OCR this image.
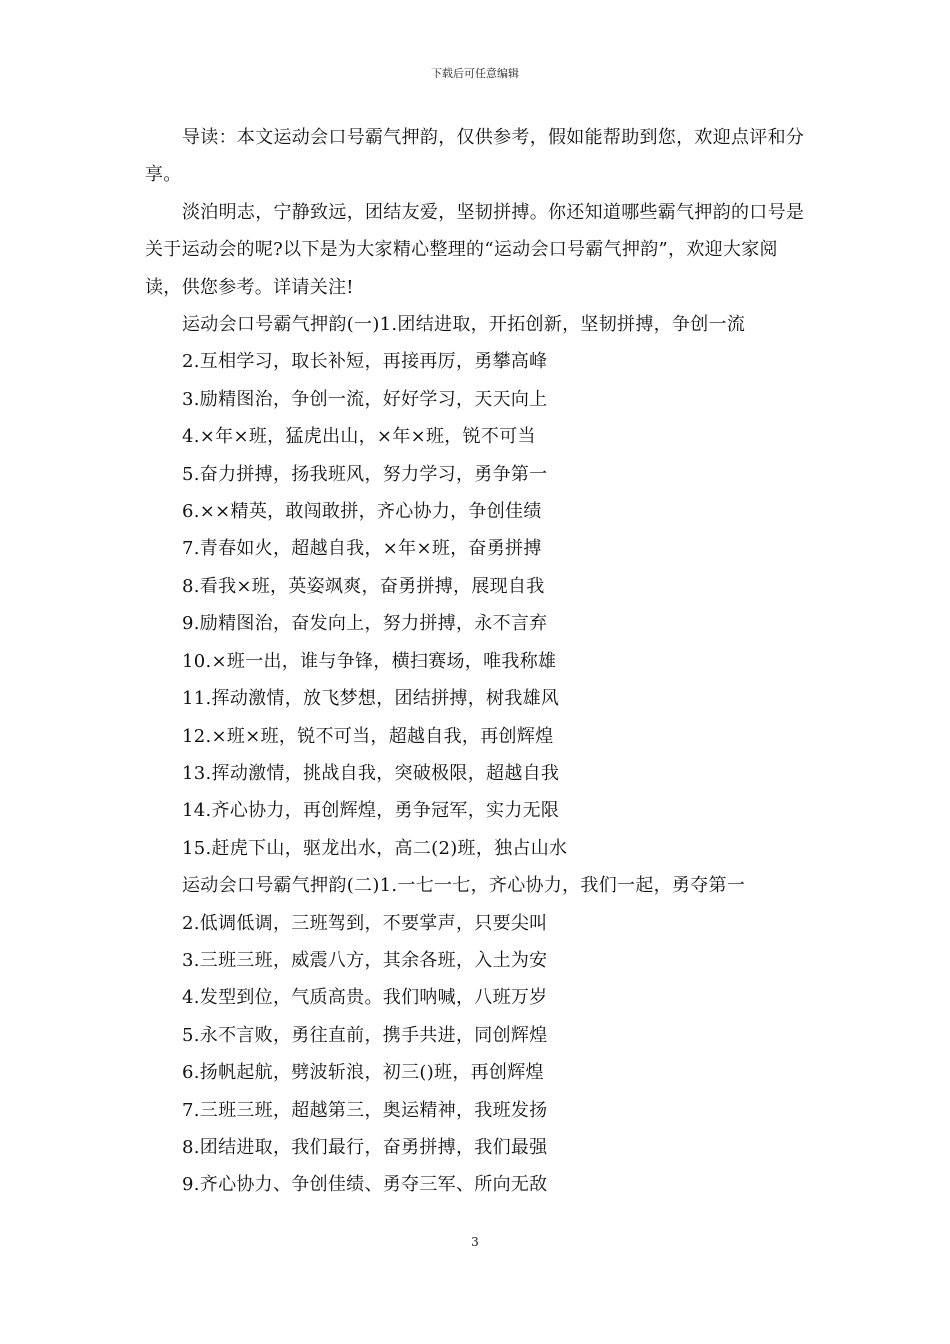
下载后可任意编辑

导读：本文运动会口号霸气押韵，仅供参考，假如能帮助到您，欢迎点评和分享。

淡泊明志，宁静致远，团结友爱，坚韧拼搏。你还知道哪些霸气押韵的口号是关于运动会的呢?以下是为大家精心整理的“运动会口号霸气押韵”，欢迎大家阅读，供您参考。详请关注!

运动会口号霸气押韵(一)1.团结进取，开拓创新，坚韧拼搏，争创一流
2.互相学习，取长补短，再接再厉，勇攀高峰
3.励精图治，争创一流，好好学习，天天向上
4.×年×班，猛虎出山，×年×班，锐不可当
5.奋力拼搏，扬我班风，努力学习，勇争第一
6.××精英，敢闯敢拼，齐心协力，争创佳绩
7.青春如火，超越自我，×年×班，奋勇拼搏
8.看我×班，英姿飒爽，奋勇拼搏，展现自我
9.励精图治，奋发向上，努力拼搏，永不言弃
10.×班一出，谁与争锋，横扫赛场，唯我称雄
11.挥动激情，放飞梦想，团结拼搏，树我雄风
12.×班×班，锐不可当，超越自我，再创辉煌
13.挥动激情，挑战自我，突破极限，超越自我
14.齐心协力，再创辉煌，勇争冠军，实力无限
15.赶虎下山，驱龙出水，高二(2)班，独占山水
运动会口号霸气押韵(二)1.一七一七，齐心协力，我们一起，勇夺第一
2.低调低调，三班驾到，不要掌声，只要尖叫
3.三班三班，威震八方，其余各班，入土为安
4.发型到位，气质高贵。我们呐喊，八班万岁
5.永不言败，勇往直前，携手共进，同创辉煌
6.扬帆起航，劈波斩浪，初三()班，再创辉煌
7.三班三班，超越第三，奥运精神，我班发扬
8.团结进取，我们最行，奋勇拼搏，我们最强
9.齐心协力、争创佳绩、勇夺三军、所向无敌
3
